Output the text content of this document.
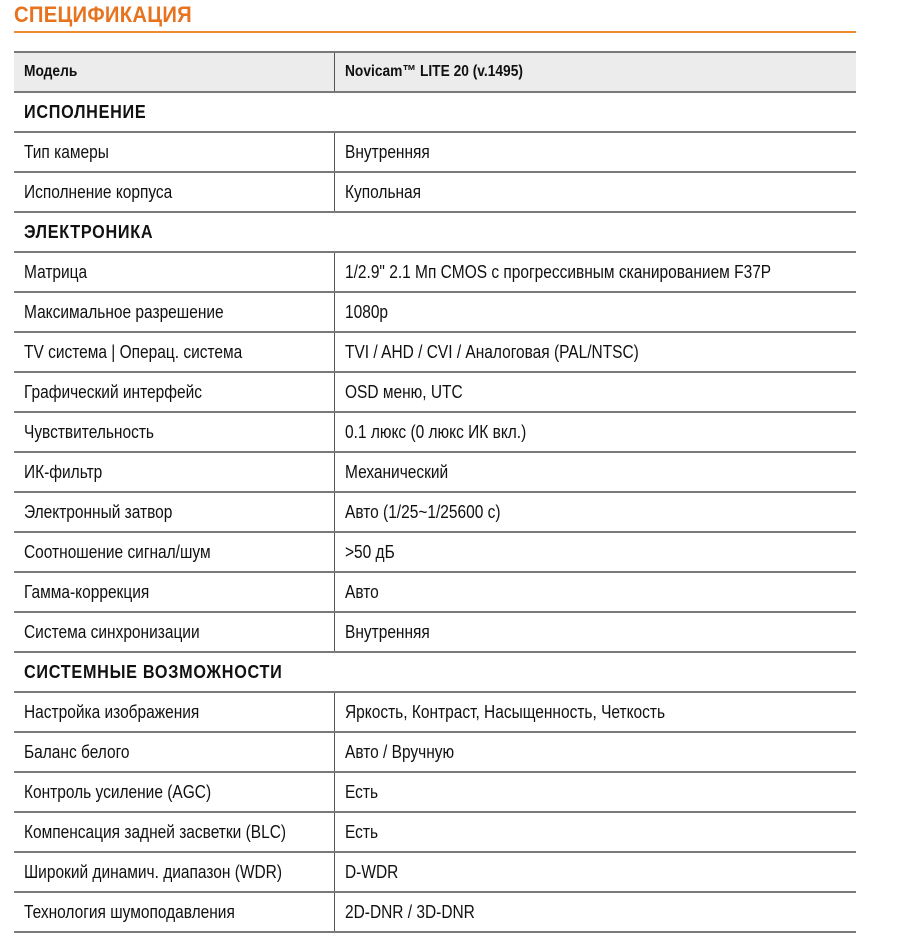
СПЕЦИФИКАЦИЯ
Модель	Novicam™ LITE 20 (v.1495)
ИСПОЛНЕНИЕ	
Тип камеры	Внутренняя
Исполнение корпуса	Купольная
ЭЛЕКТРОНИКА	
Матрица	1/2.9" 2.1 Мп CMOS с прогрессивным сканированием F37P
Максимальное разрешение	1080p
TV система | Операц. система	TVI / AHD / CVI / Аналоговая (PAL/NTSC)
Графический интерфейс	OSD меню, UTC
Чувствительность	0.1 люкс (0 люкс ИК вкл.)
ИК-фильтр	Механический
Электронный затвор	Авто (1/25~1/25600 с)
Соотношение сигнал/шум	>50 дБ
Гамма-коррекция	Авто
Система синхронизации	Внутренняя
СИСТЕМНЫЕ ВОЗМОЖНОСТИ	
Настройка изображения	Яркость, Контраст, Насыщенность, Четкость
Баланс белого	Авто / Вручную
Контроль усиление (AGC)	Есть
Компенсация задней засветки (BLC)	Есть
Широкий динамич. диапазон (WDR)	D-WDR
Технология шумоподавления	2D-DNR / 3D-DNR
